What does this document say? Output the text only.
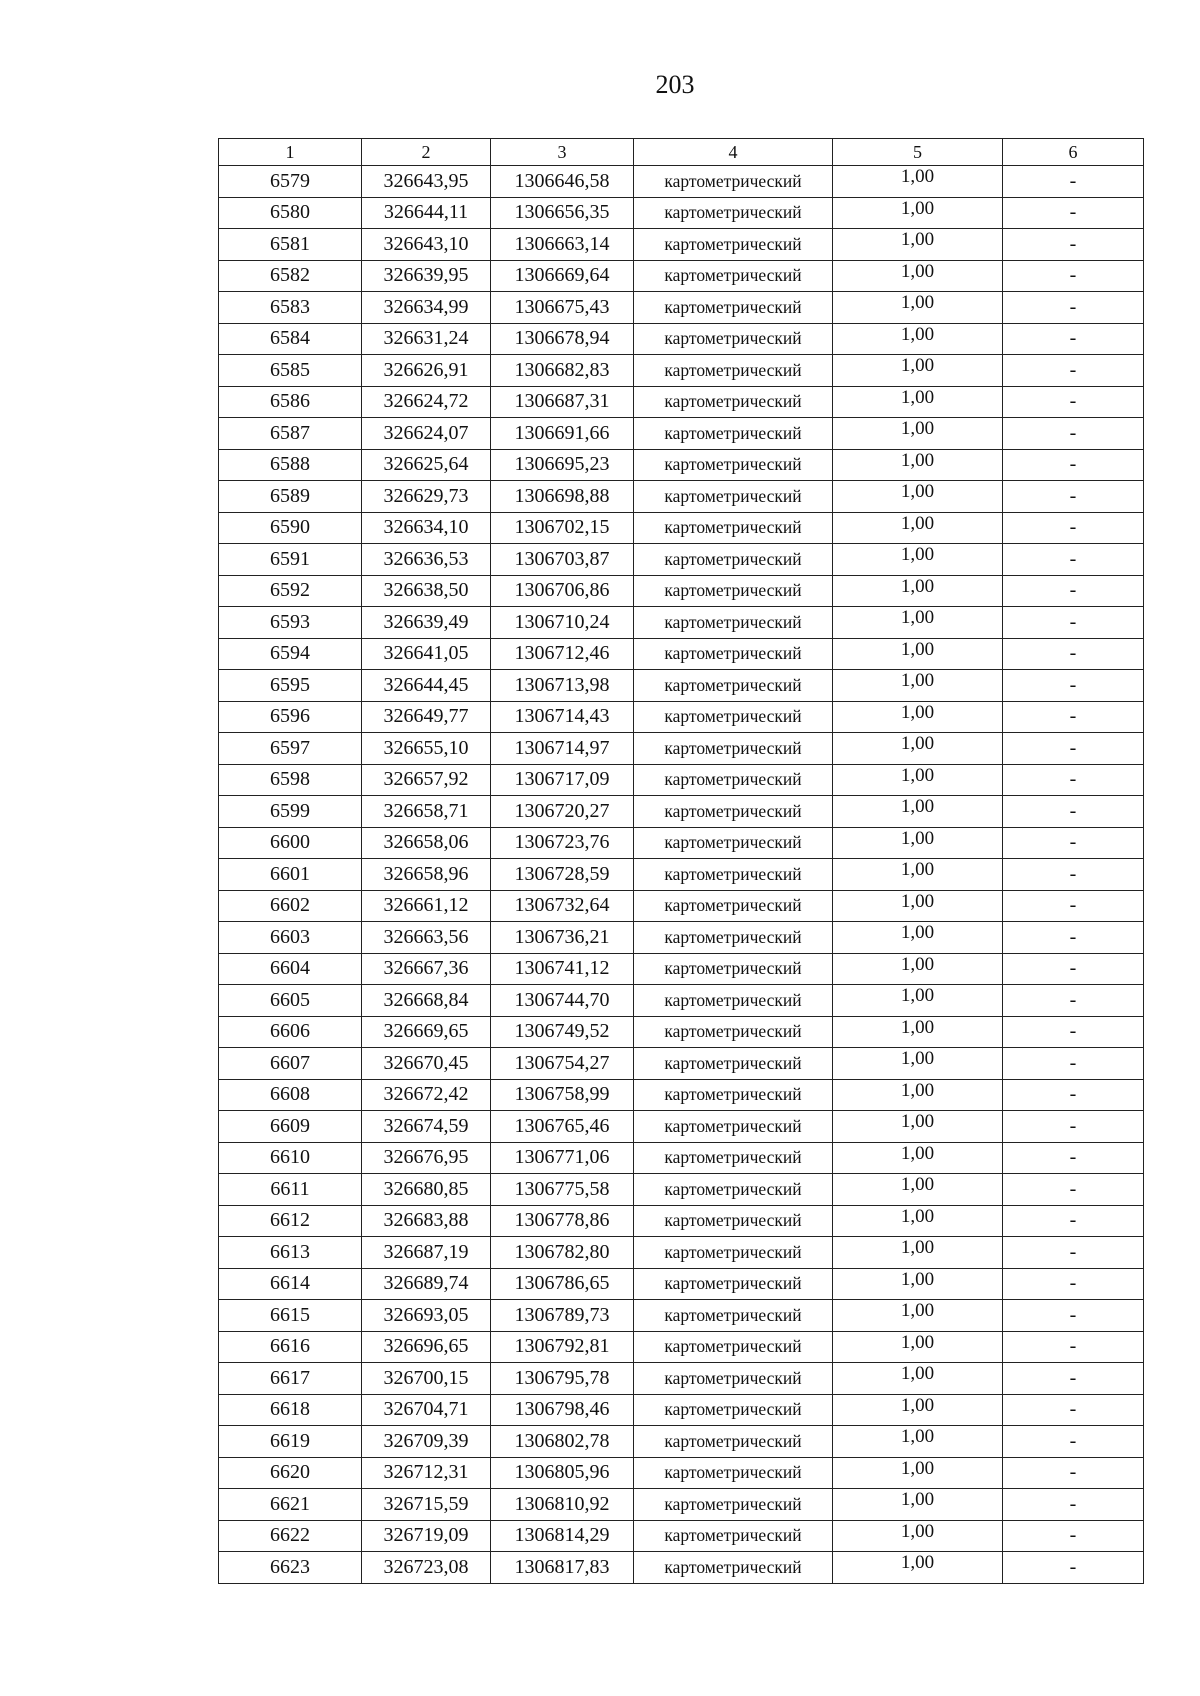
203
1	2	3	4	5	6
6579	326643,95	1306646,58	картометрический	1,00	-
6580	326644,11	1306656,35	картометрический	1,00	-
6581	326643,10	1306663,14	картометрический	1,00	-
6582	326639,95	1306669,64	картометрический	1,00	-
6583	326634,99	1306675,43	картометрический	1,00	-
6584	326631,24	1306678,94	картометрический	1,00	-
6585	326626,91	1306682,83	картометрический	1,00	-
6586	326624,72	1306687,31	картометрический	1,00	-
6587	326624,07	1306691,66	картометрический	1,00	-
6588	326625,64	1306695,23	картометрический	1,00	-
6589	326629,73	1306698,88	картометрический	1,00	-
6590	326634,10	1306702,15	картометрический	1,00	-
6591	326636,53	1306703,87	картометрический	1,00	-
6592	326638,50	1306706,86	картометрический	1,00	-
6593	326639,49	1306710,24	картометрический	1,00	-
6594	326641,05	1306712,46	картометрический	1,00	-
6595	326644,45	1306713,98	картометрический	1,00	-
6596	326649,77	1306714,43	картометрический	1,00	-
6597	326655,10	1306714,97	картометрический	1,00	-
6598	326657,92	1306717,09	картометрический	1,00	-
6599	326658,71	1306720,27	картометрический	1,00	-
6600	326658,06	1306723,76	картометрический	1,00	-
6601	326658,96	1306728,59	картометрический	1,00	-
6602	326661,12	1306732,64	картометрический	1,00	-
6603	326663,56	1306736,21	картометрический	1,00	-
6604	326667,36	1306741,12	картометрический	1,00	-
6605	326668,84	1306744,70	картометрический	1,00	-
6606	326669,65	1306749,52	картометрический	1,00	-
6607	326670,45	1306754,27	картометрический	1,00	-
6608	326672,42	1306758,99	картометрический	1,00	-
6609	326674,59	1306765,46	картометрический	1,00	-
6610	326676,95	1306771,06	картометрический	1,00	-
6611	326680,85	1306775,58	картометрический	1,00	-
6612	326683,88	1306778,86	картометрический	1,00	-
6613	326687,19	1306782,80	картометрический	1,00	-
6614	326689,74	1306786,65	картометрический	1,00	-
6615	326693,05	1306789,73	картометрический	1,00	-
6616	326696,65	1306792,81	картометрический	1,00	-
6617	326700,15	1306795,78	картометрический	1,00	-
6618	326704,71	1306798,46	картометрический	1,00	-
6619	326709,39	1306802,78	картометрический	1,00	-
6620	326712,31	1306805,96	картометрический	1,00	-
6621	326715,59	1306810,92	картометрический	1,00	-
6622	326719,09	1306814,29	картометрический	1,00	-
6623	326723,08	1306817,83	картометрический	1,00	-
